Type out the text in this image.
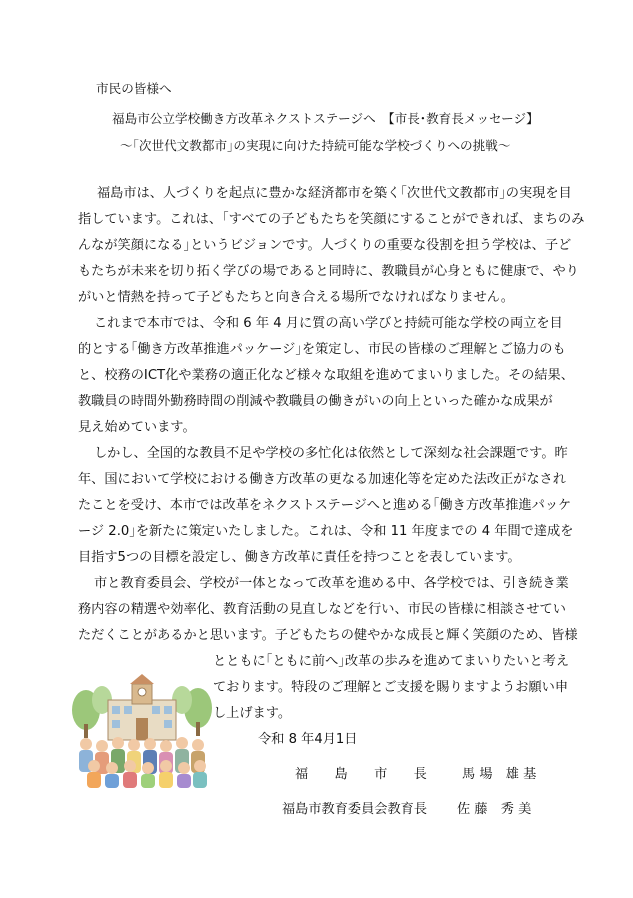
市民の皆様へ
福島市公立学校働き方改革ネクストステージへ　【市長･教育長メッセージ】
～｢次世代文教都市｣の実現に向けた持続可能な学校づくりへの挑戦～
福島市は、人づくりを起点に豊かな経済都市を築く｢次世代文教都市｣の実現を目
指しています。これは、｢すべての子どもたちを笑顔にすることができれば、まちのみ
んなが笑顔になる｣というビジョンです。人づくりの重要な役割を担う学校は、子ど
もたちが未来を切り拓く学びの場であると同時に、教職員が心身ともに健康で、やり
がいと情熱を持って子どもたちと向き合える場所でなければなりません。
これまで本市では、令和 6 年 4 月に質の高い学びと持続可能な学校の両立を目
的とする｢働き方改革推進パッケージ｣を策定し、市民の皆様のご理解とご協力のも
と、校務のICT化や業務の適正化など様々な取組を進めてまいりました。その結果、
教職員の時間外勤務時間の削減や教職員の働きがいの向上といった確かな成果が
見え始めています。
しかし、全国的な教員不足や学校の多忙化は依然として深刻な社会課題です。昨
年、国において学校における働き方改革の更なる加速化等を定めた法改正がなされ
たことを受け、本市では改革をネクストステージへと進める｢働き方改革推進パッケ
ージ 2.0｣を新たに策定いたしました。これは、令和 11 年度までの 4 年間で達成を
目指す5つの目標を設定し、働き方改革に責任を持つことを表しています。
市と教育委員会、学校が一体となって改革を進める中、各学校では、引き続き業
務内容の精選や効率化、教育活動の見直しなどを行い、市民の皆様に相談させてい
ただくことがあるかと思います。子どもたちの健やかな成長と輝く笑顔のため、皆様
とともに｢ともに前へ｣改革の歩みを進めてまいりたいと考え
ております。特段のご理解とご支援を賜りますようお願い申
し上げます。
令和 8 年4月1日
福　　島　　市　　長	馬 場　雄 基
福島市教育委員会教育長 佐 藤　秀 美
